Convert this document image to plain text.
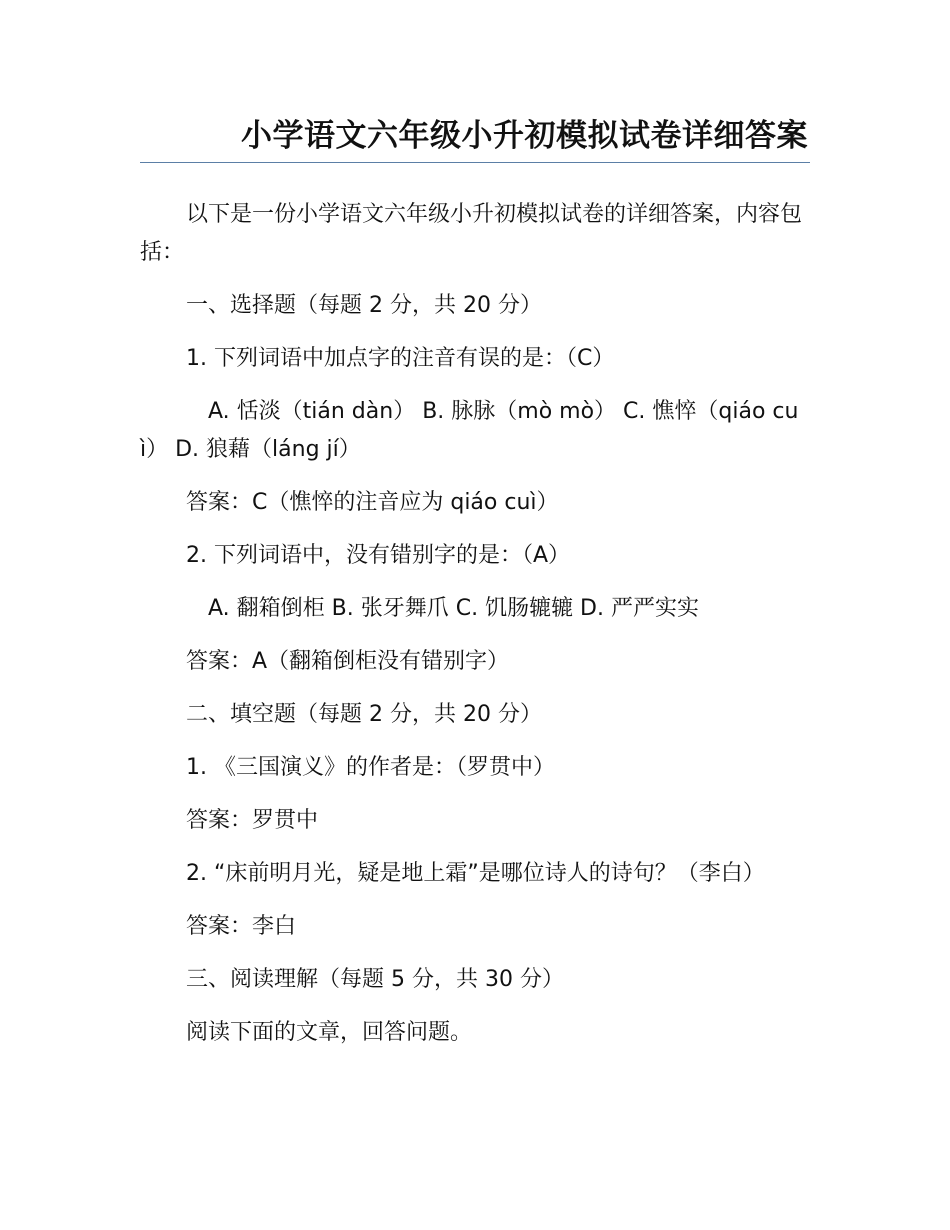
小学语文六年级小升初模拟试卷详细答案

以下是一份小学语文六年级小升初模拟试卷的详细答案，内容包括：

一、选择题（每题 2 分，共 20 分）

1. 下列词语中加点字的注音有误的是：（C）

A. 恬淡（tián dàn） B. 脉脉（mò mò） C. 憔悴（qiáo cuì） D. 狼藉（láng jí）

答案：C（憔悴的注音应为 qiáo cuì）

2. 下列词语中，没有错别字的是：（A）

A. 翻箱倒柜 B. 张牙舞爪 C. 饥肠辘辘 D. 严严实实

答案：A（翻箱倒柜没有错别字）

二、填空题（每题 2 分，共 20 分）

1. 《三国演义》的作者是：（罗贯中）

答案：罗贯中

2. “床前明月光，疑是地上霜”是哪位诗人的诗句？（李白）

答案：李白

三、阅读理解（每题 5 分，共 30 分）

阅读下面的文章，回答问题。
